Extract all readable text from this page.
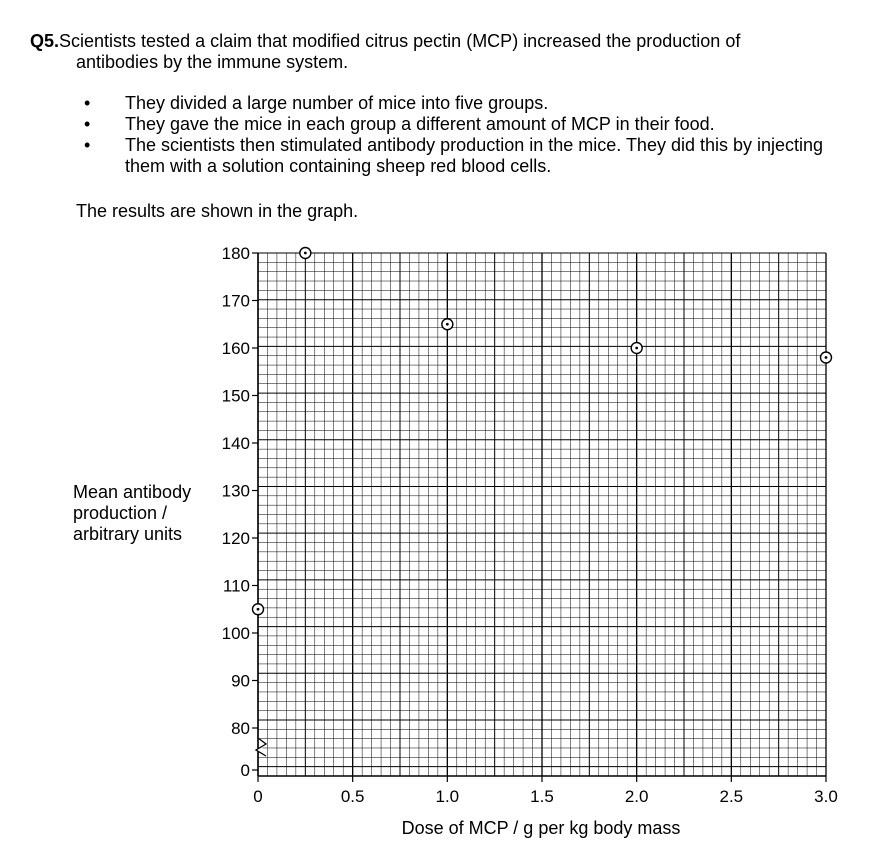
Q5.Scientists tested a claim that modified citrus pectin (MCP) increased the production of
antibodies by the immune system.
• They divided a large number of mice into five groups.
• They gave the mice in each group a different amount of MCP in their food.
• The scientists then stimulated antibody production in the mice. They did this by injecting them with a solution containing sheep red blood cells.
The results are shown in the graph.
Mean antibody
production /
arbitrary units
0
80
90
100
110
120
130
140
150
160
170
180
0	0.5	1.0	1.5	2.0	2.5	3.0
Dose of MCP / g per kg body mass
